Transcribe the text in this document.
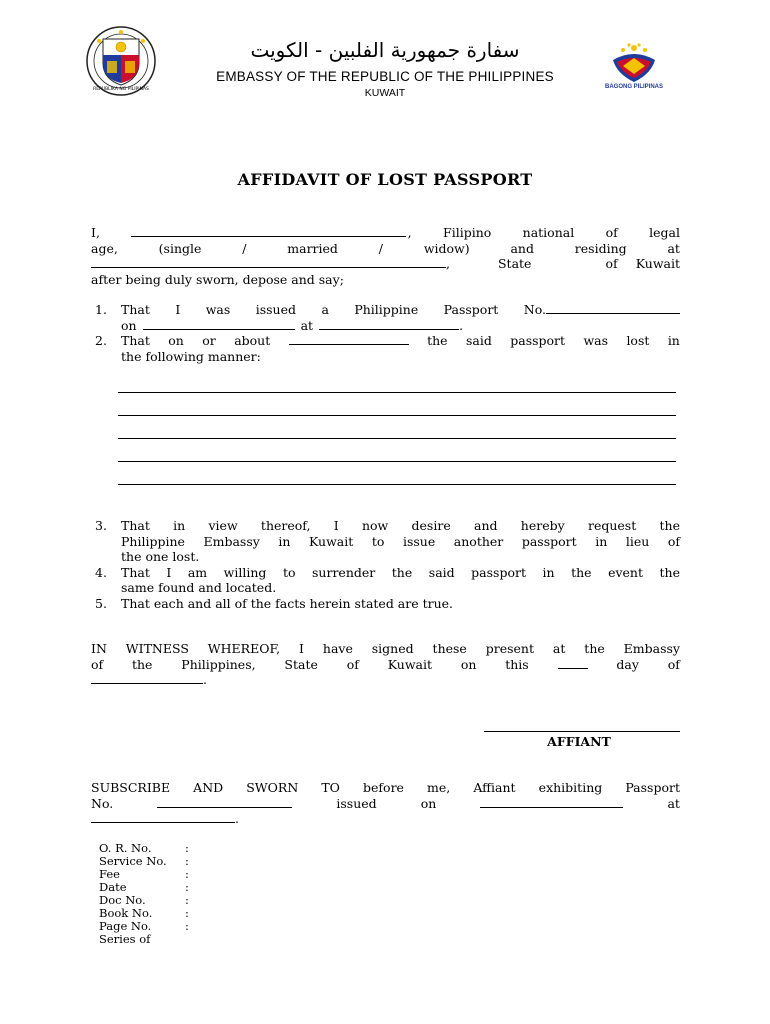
REPUBLIKA NG PILIPINAS
سفارة جمهورية الفلبين - الكويت
EMBASSY OF THE REPUBLIC OF THE PHILIPPINES
KUWAIT	BAGONG PILIPINAS
AFFIDAVIT OF LOST PASSPORT
I,	,	Filipino	national	of	legal
age,	(single	/	married	/	widow)	and	residing	at
,	State	of Kuwait
after being duly sworn, depose and say;
1. That I was issued a Philippine Passport No.
on	at	.
2. That on or about	the said passport was lost in
the following manner:
3. That in view thereof, I now desire and hereby request the
Philippine Embassy in Kuwait to issue another passport in lieu of
the one lost.
4. That I am willing to surrender the said passport in the event the
same found and located.
5. That each and all of the facts herein stated are true.
IN WITNESS WHEREOF, I have signed these present at the Embassy
of the Philippines, State of Kuwait on this	day of
.
AFFIANT
SUBSCRIBE AND SWORN TO before me, Affiant exhibiting Passport
No.	issued	on	at
.
O. R. No.	:
Service No. :
Fee	:
Date	:
Doc No.	:
Book No.	:
Page No.	:
Series of
